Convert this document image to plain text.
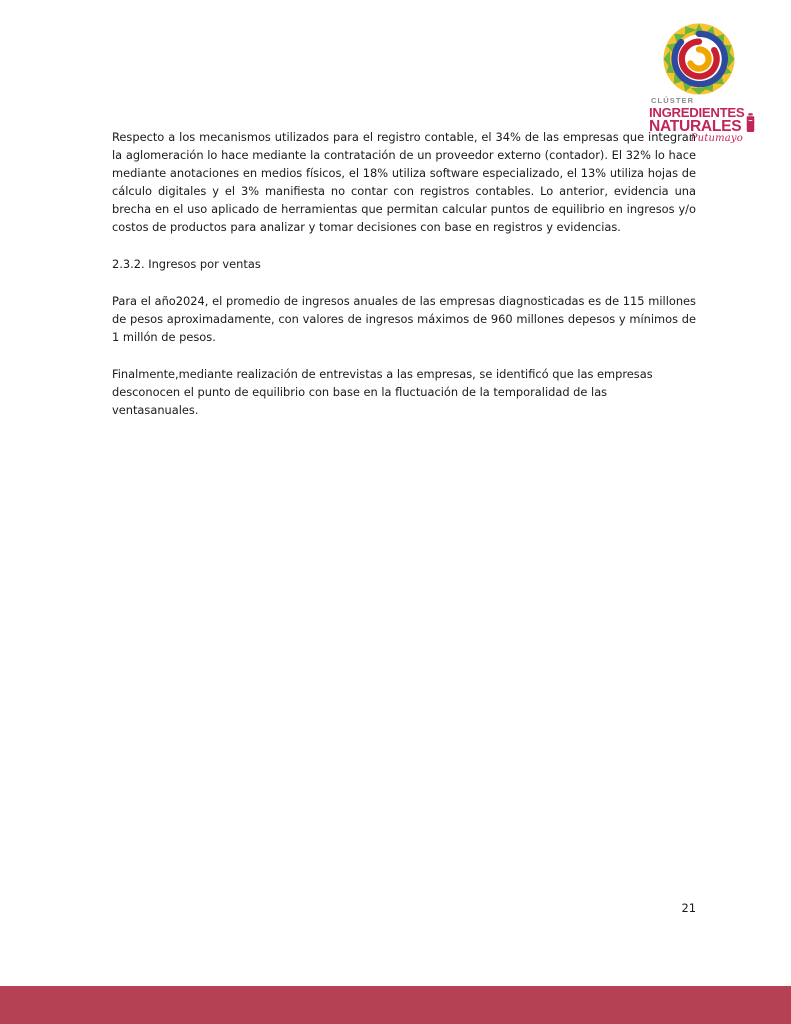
CLÚSTER
INGREDIENTES
NATURALES
Putumayo

Respecto a los mecanismos utilizados para el registro contable, el 34% de las empresas que integran la aglomeración lo hace mediante la contratación de un proveedor externo (contador). El 32% lo hace mediante anotaciones en medios físicos, el 18% utiliza software especializado, el 13% utiliza hojas de cálculo digitales y el 3% manifiesta no contar con registros contables. Lo anterior, evidencia una brecha en el uso aplicado de herramientas que permitan calcular puntos de equilibrio en ingresos y/o costos de productos para analizar y tomar decisiones con base en registros y evidencias.

2.3.2. Ingresos por ventas

Para el año2024, el promedio de ingresos anuales de las empresas diagnosticadas es de 115 millones de pesos aproximadamente, con valores de ingresos máximos de 960 millones depesos y mínimos de 1 millón de pesos.

Finalmente,mediante realización de entrevistas a las empresas, se identificó que las empresas desconocen el punto de equilibrio con base en la fluctuación de la temporalidad de las ventasanuales.

21
